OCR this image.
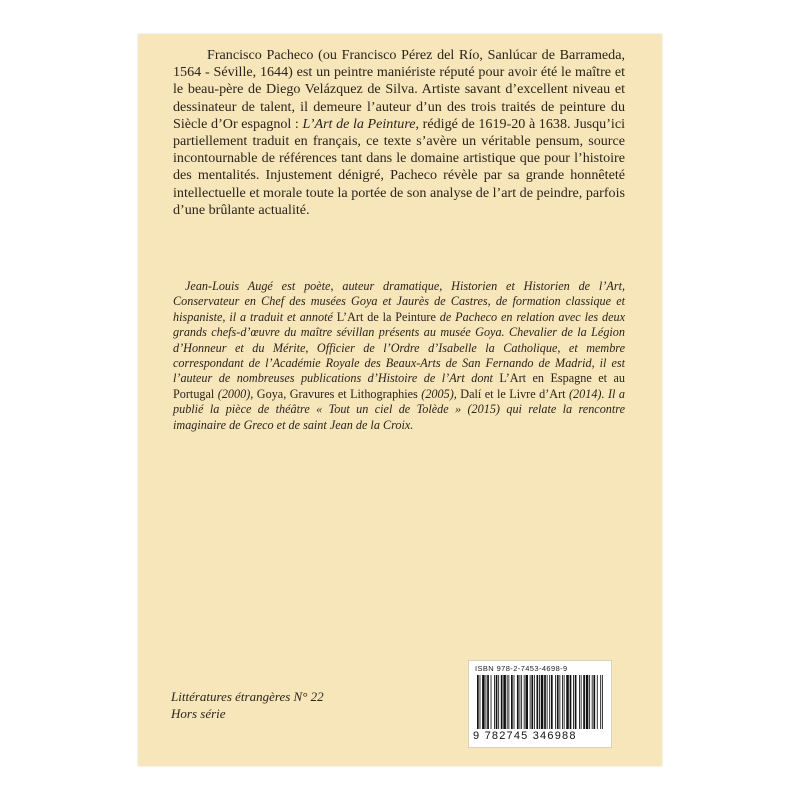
Francisco Pacheco (ou Francisco Pérez del Río, Sanlúcar de Barrameda, 1564 - Séville, 1644) est un peintre maniériste réputé pour avoir été le maître et le beau-père de Diego Velázquez de Silva. Artiste savant d’excellent niveau et dessinateur de talent, il demeure l’auteur d’un des trois traités de peinture du Siècle d’Or espagnol : L’Art de la Peinture, rédigé de 1619-20 à 1638. Jusqu’ici partiellement traduit en français, ce texte s’avère un véritable pensum, source incontournable de références tant dans le domaine artistique que pour l’histoire des mentalités. Injustement dénigré, Pacheco révèle par sa grande honnêteté intellectuelle et morale toute la portée de son analyse de l’art de peindre, parfois d’une brûlante actualité.

Jean-Louis Augé est poète, auteur dramatique, Historien et Historien de l’Art, Conservateur en Chef des musées Goya et Jaurès de Castres, de formation classique et hispaniste, il a traduit et annoté L’Art de la Peinture de Pacheco en relation avec les deux grands chefs-d’œuvre du maître sévillan présents au musée Goya. Chevalier de la Légion d’Honneur et du Mérite, Officier de l’Ordre d’Isabelle la Catholique, et membre correspondant de l’Académie Royale des Beaux-Arts de San Fernando de Madrid, il est l’auteur de nombreuses publications d’Histoire de l’Art dont L’Art en Espagne et au Portugal (2000), Goya, Gravures et Lithographies (2005), Dalí et le Livre d’Art (2014). Il a publié la pièce de théâtre « Tout un ciel de Tolède » (2015) qui relate la rencontre imaginaire de Greco et de saint Jean de la Croix.

ISBN 978-2-7453-4698-9
9 782745 346988
Littératures étrangères N° 22
Hors série
